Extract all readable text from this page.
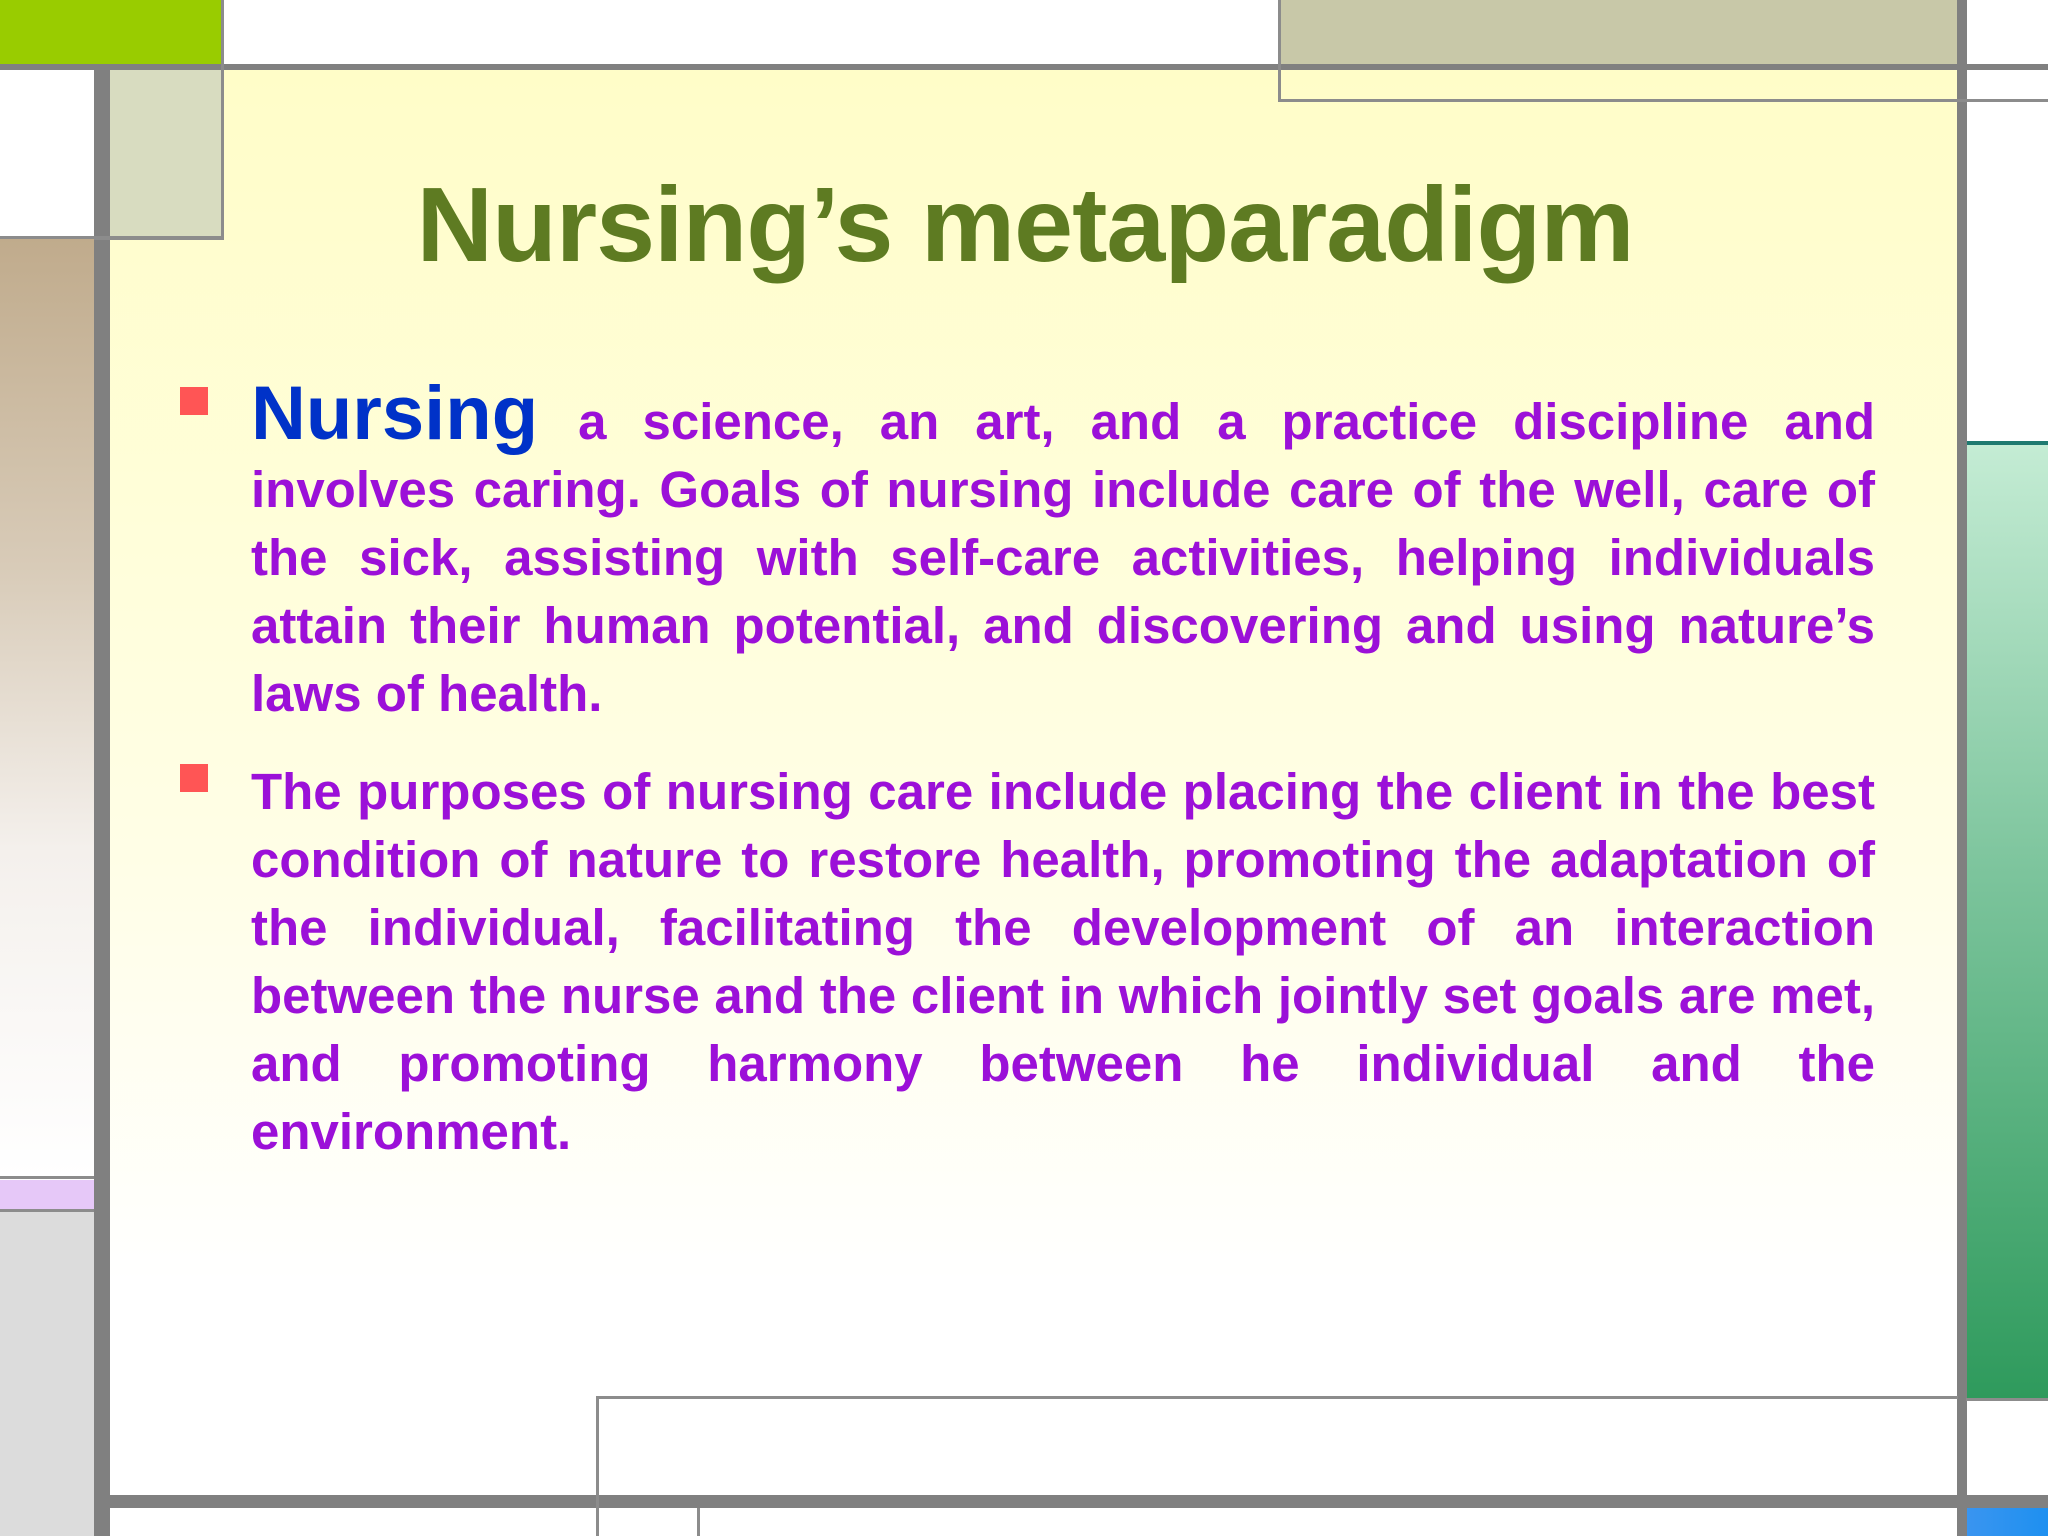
Nursing’s metaparadigm
Nursing a science, an art, and a practice discipline and involves caring. Goals of nursing include care of the well, care of the sick, assisting with self-care activities, helping individuals attain their human potential, and discovering and using nature’s laws of health.
The purposes of nursing care include placing the client in the best condition of nature to restore health, promoting the adaptation of the individual, facilitating the development of an interaction between the nurse and the client in which jointly set goals are met, and promoting harmony between he individual and the environment.
